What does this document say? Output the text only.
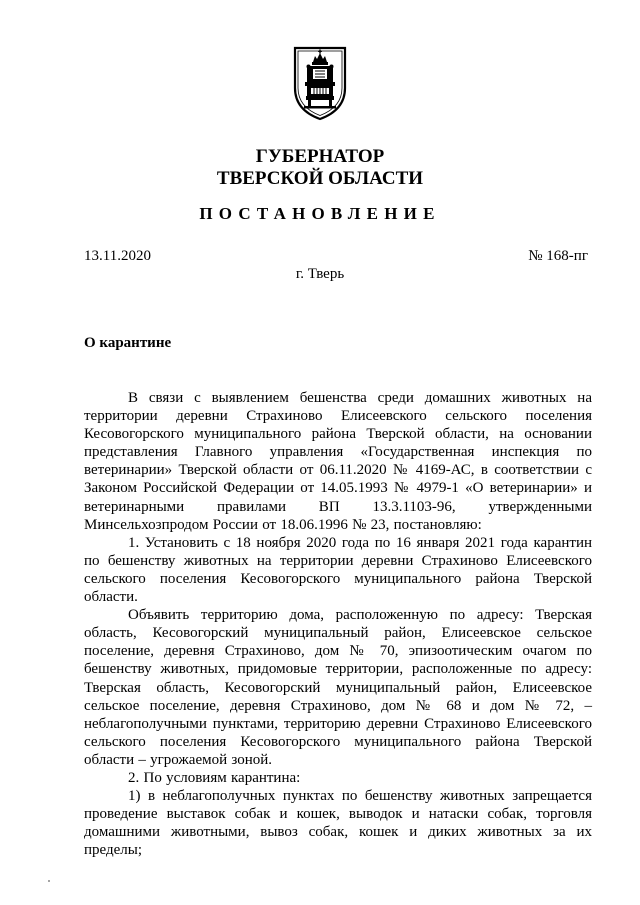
ГУБЕРНАТОР
ТВЕРСКОЙ ОБЛАСТИ
ПОСТАНОВЛЕНИЕ
13.11.2020	№ 168-пг
г. Тверь
О карантине

В связи с выявлением бешенства среди домашних животных на территории деревни Страхиново Елисеевского сельского поселения Кесовогорского муниципального района Тверской области, на основании представления Главного управления «Государственная инспекция по ветеринарии» Тверской области от 06.11.2020 № 4169-АС, в соответствии с Законом Российской Федерации от 14.05.1993 № 4979-1 «О ветеринарии» и ветеринарными правилами ВП 13.3.1103-96, утвержденными Минсельхозпродом России от 18.06.1996 № 23, постановляю:

1. Установить с 18 ноября 2020 года по 16 января 2021 года карантин по бешенству животных на территории деревни Страхиново Елисеевского сельского поселения Кесовогорского муниципального района Тверской области.

Объявить территорию дома, расположенную по адресу: Тверская область, Кесовогорский муниципальный район, Елисеевское сельское поселение, деревня Страхиново, дом № 70, эпизоотическим очагом по бешенству животных, придомовые территории, расположенные по адресу: Тверская область, Кесовогорский муниципальный район, Елисеевское сельское поселение, деревня Страхиново, дом № 68 и дом № 72, – неблагополучными пунктами, территорию деревни Страхиново Елисеевского сельского поселения Кесовогорского муниципального района Тверской области – угрожаемой зоной.

2. По условиям карантина:

1) в неблагополучных пунктах по бешенству животных запрещается проведение выставок собак и кошек, выводок и натаски собак, торговля домашними животными, вывоз собак, кошек и диких животных за их пределы;
